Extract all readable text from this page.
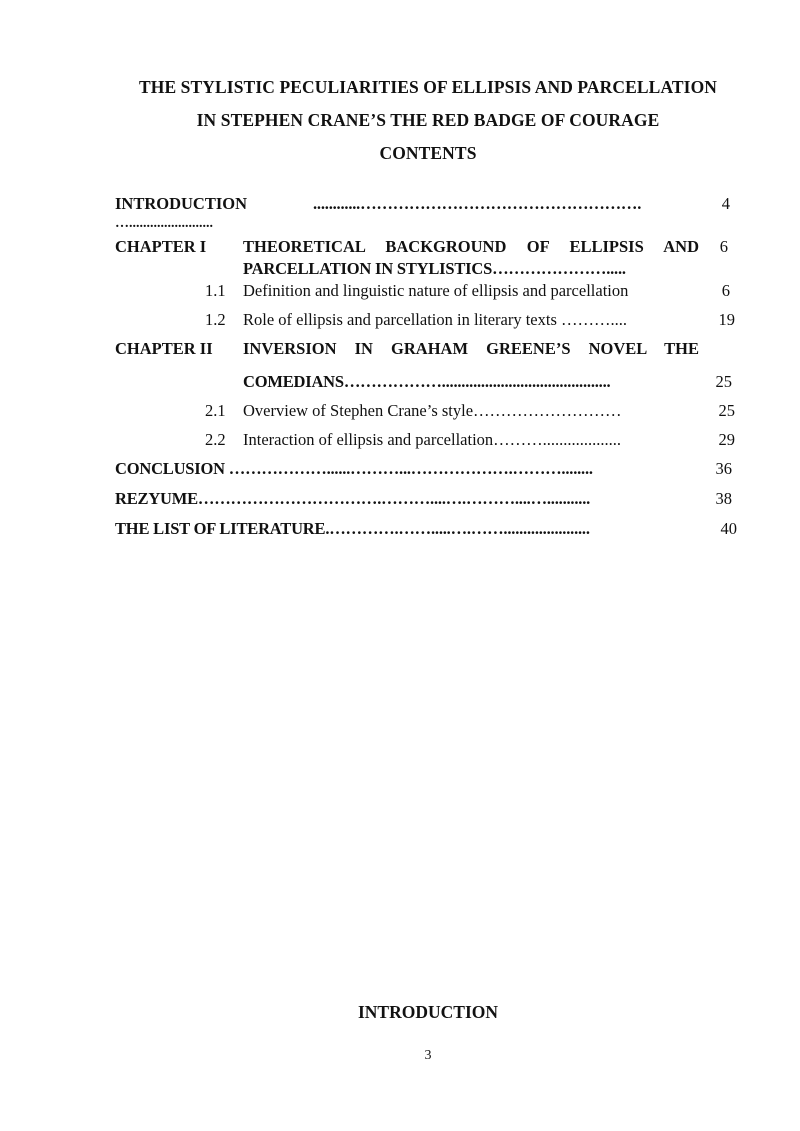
THE STYLISTIC PECULIARITIES OF ELLIPSIS AND PARCELLATION
IN STEPHEN CRANE’S THE RED BADGE OF COURAGE
CONTENTS
INTRODUCTION	............…………………………………………….	4
…........................
CHAPTER I THEORETICAL BACKGROUND OF ELLIPSIS AND	6
PARCELLATION IN STYLISTICS………………….....
1.1 Definition and linguistic nature of ellipsis and parcellation	6
1.2 Role of ellipsis and parcellation in literary texts ………....	19
CHAPTER II INVERSION IN GRAHAM GREENE’S NOVEL THE
COMEDIANS………………...........................................	25
2.1 Overview of Stephen Crane’s style………………………	25
2.2 Interaction of ellipsis and parcellation………...................	29
CONCLUSION ………………......………...……………….………........	36
REZYUME…………………………….………....….………....…...........	38
THE LIST OF LITERATURE.………….…….....….……......................	40
INTRODUCTION
3
